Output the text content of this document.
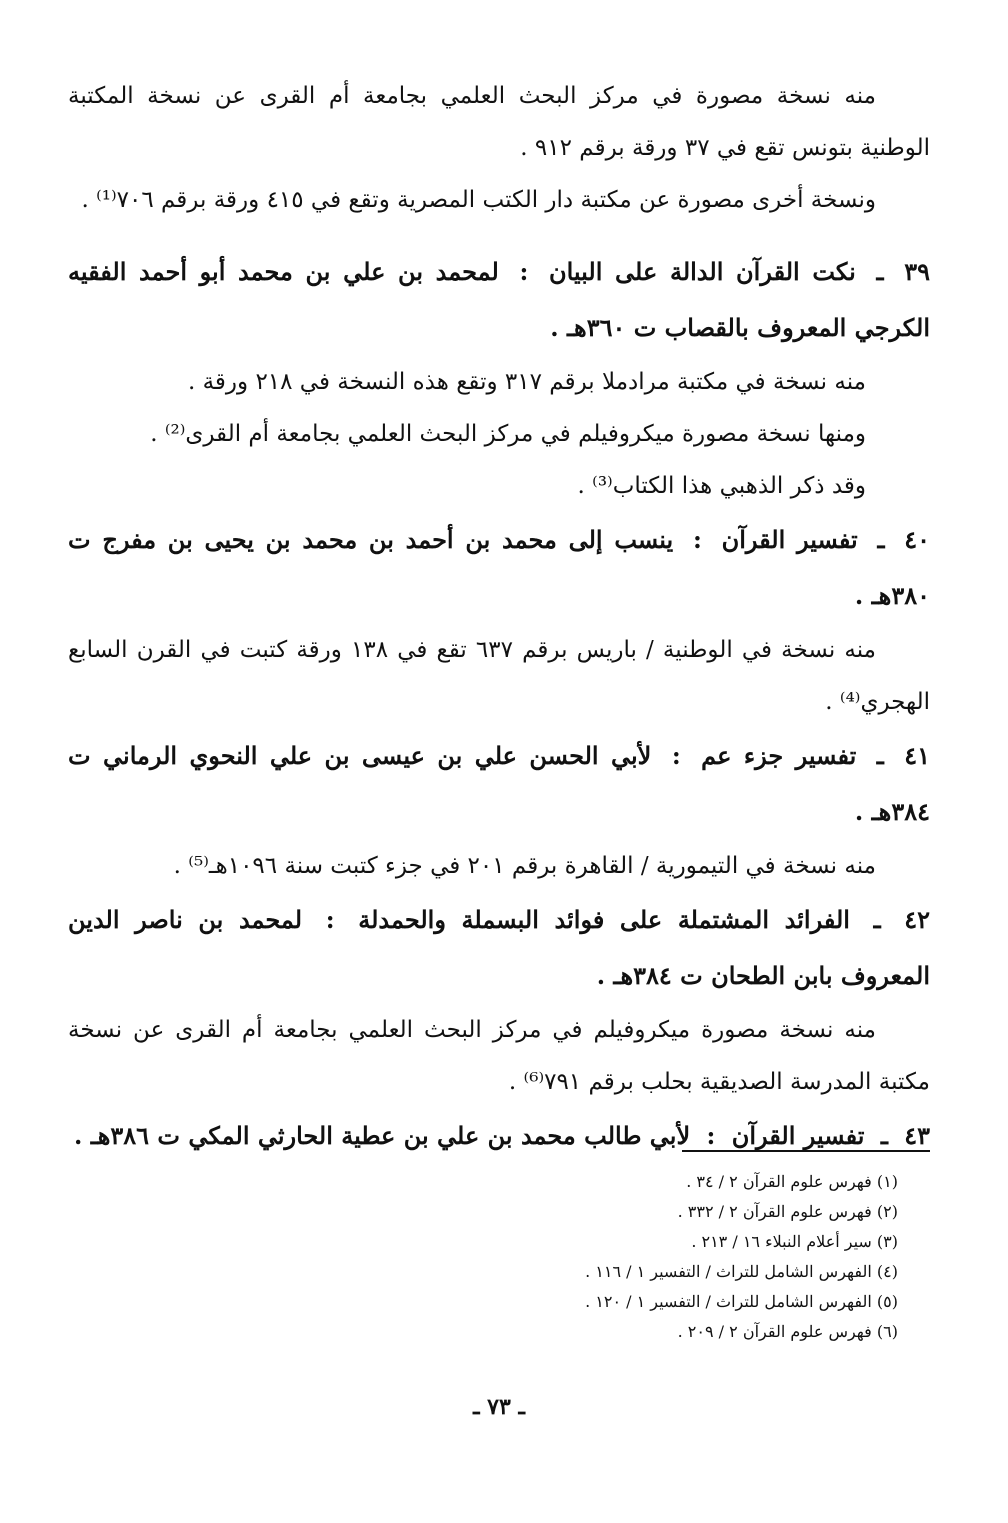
منه نسخة مصورة في مركز البحث العلمي بجامعة أم القرى عن نسخة المكتبة الوطنية بتونس تقع في ٣٧ ورقة برقم ٩١٢ .

ونسخة أخرى مصورة عن مكتبة دار الكتب المصرية وتقع في ٤١٥ ورقة برقم ٧٠٦⁽¹⁾ .

٣٩ ـ نكت القرآن الدالة على البيان : لمحمد بن علي بن محمد أبو أحمد الفقيه الكرجي المعروف بالقصاب ت ٣٦٠هـ .

منه نسخة في مكتبة مرادملا برقم ٣١٧ وتقع هذه النسخة في ٢١٨ ورقة .

ومنها نسخة مصورة ميكروفيلم في مركز البحث العلمي بجامعة أم القرى⁽²⁾ .

وقد ذكر الذهبي هذا الكتاب⁽³⁾ .

٤٠ ـ تفسير القرآن : ينسب إلى محمد بن أحمد بن محمد بن يحيى بن مفرج ت ٣٨٠هـ .

منه نسخة في الوطنية / باريس برقم ٦٣٧ تقع في ١٣٨ ورقة كتبت في القرن السابع الهجري⁽⁴⁾ .

٤١ ـ تفسير جزء عم : لأبي الحسن علي بن عيسى بن علي النحوي الرماني ت ٣٨٤هـ .

منه نسخة في التيمورية / القاهرة برقم ٢٠١ في جزء كتبت سنة ١٠٩٦هـ⁽⁵⁾ .

٤٢ ـ الفرائد المشتملة على فوائد البسملة والحمدلة : لمحمد بن ناصر الدين المعروف بابن الطحان ت ٣٨٤هـ .

منه نسخة مصورة ميكروفيلم في مركز البحث العلمي بجامعة أم القرى عن نسخة مكتبة المدرسة الصديقية بحلب برقم ٧٩١⁽⁶⁾ .

٤٣ ـ تفسير القرآن : لأبي طالب محمد بن علي بن عطية الحارثي المكي ت ٣٨٦هـ .
(١) فهرس علوم القرآن ٢ / ٣٤ .
(٢) فهرس علوم القرآن ٢ / ٣٣٢ .
(٣) سير أعلام النبلاء ١٦ / ٢١٣ .
(٤) الفهرس الشامل للتراث / التفسير ١ / ١١٦ .
(٥) الفهرس الشامل للتراث / التفسير ١ / ١٢٠ .
(٦) فهرس علوم القرآن ٢ / ٢٠٩ .
ـ ٧٣ ـ
